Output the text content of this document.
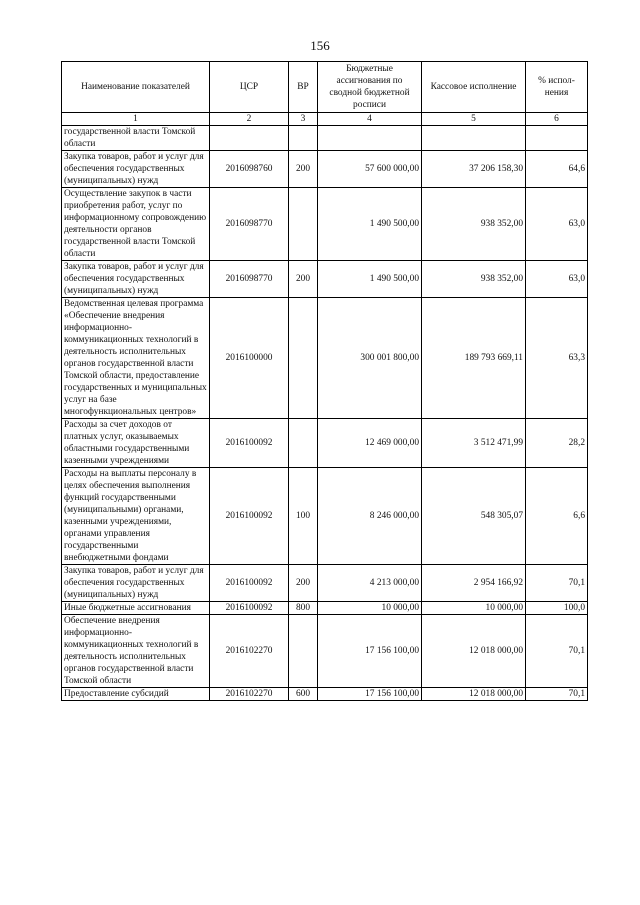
156
Наименование показателей	ЦСР	ВР	Бюджетные ассигнования по сводной бюджетной росписи	Кассовое исполнение	% испол-нения
1	2	3	4	5	6
государственной власти Томской области					
Закупка товаров, работ и услуг для обеспечения государственных (муниципальных) нужд	2016098760	200	57 600 000,00	37 206 158,30	64,6
Осуществление закупок в части приобретения работ, услуг по информационному сопровождению деятельности органов государственной власти Томской области	2016098770		1 490 500,00	938 352,00	63,0
Закупка товаров, работ и услуг для обеспечения государственных (муниципальных) нужд	2016098770	200	1 490 500,00	938 352,00	63,0
Ведомственная целевая программа «Обеспечение внедрения информационно-коммуникационных технологий в деятельность исполнительных органов государственной власти Томской области, предоставление государственных и муниципальных услуг на базе многофункциональных центров»	2016100000		300 001 800,00	189 793 669,11	63,3
Расходы за счет доходов от платных услуг, оказываемых областными государственными казенными учреждениями	2016100092		12 469 000,00	3 512 471,99	28,2
Расходы на выплаты персоналу в целях обеспечения выполнения функций государственными (муниципальными) органами, казенными учреждениями, органами управления государственными внебюджетными фондами	2016100092	100	8 246 000,00	548 305,07	6,6
Закупка товаров, работ и услуг для обеспечения государственных (муниципальных) нужд	2016100092	200	4 213 000,00	2 954 166,92	70,1
Иные бюджетные ассигнования	2016100092	800	10 000,00	10 000,00	100,0
Обеспечение внедрения информационно-коммуникационных технологий в деятельность исполнительных органов государственной власти Томской области	2016102270		17 156 100,00	12 018 000,00	70,1
Предоставление субсидий	2016102270	600	17 156 100,00	12 018 000,00	70,1
